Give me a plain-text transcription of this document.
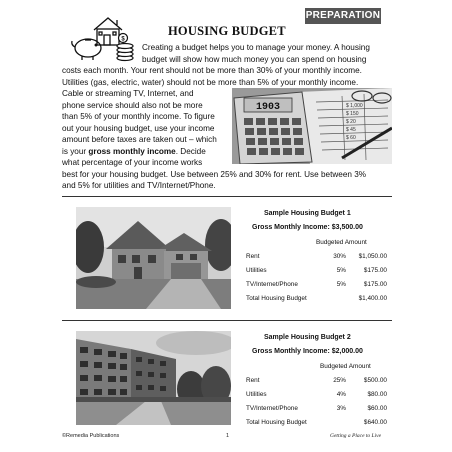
PREPARATION
$
HOUSING BUDGET
Creating a budget helps you to manage your money. A housing
budget will show how much money you can spend on housing
costs each month. Your rent should not be more than 30% of your monthly income.
Utilities (gas, electric, water) should not be more than 5% of your monthly income.
Cable or streaming TV, Internet, and
phone service should also not be more
than 5% of your monthly income. To figure
out your housing budget, use your income
amount before taxes are taken out – which
is your gross monthly income. Decide
what percentage of your income works
best for your housing budget. Use between 25% and 30% for rent. Use between 3%
and 5% for utilities and TV/Internet/Phone.
$ 1,000
$ 150
$ 20
$ 45
$ 60
1903
Sample Housing Budget 1
Gross Monthly Income: $3,500.00
Budgeted Amount
Rent	30%	$1,050.00
Utilities	5%	$175.00
TV/Internet/Phone	5%	$175.00
Total Housing Budget	$1,400.00
Sample Housing Budget 2
Gross Monthly Income: $2,000.00
Budgeted Amount
Rent	25%	$500.00
Utilities	4%	$80.00
TV/Internet/Phone	3%	$60.00
Total Housing Budget	$640.00
©Remedia Publications	1	Getting a Place to Live
